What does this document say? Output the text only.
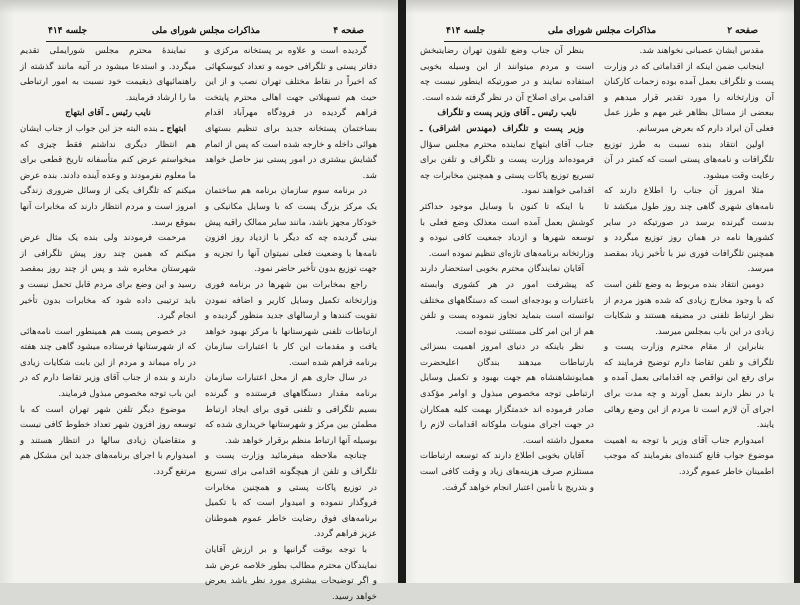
صفحه ۴
مذاکرات مجلس شورای ملی
جلسه ۴۱۴

گردیده است و علاوه بر پستخانه مرکزی و دفاتر پستی و تلگرافی حومه و تعداد کیوسکهائی که اخیراً در نقاط مختلف تهران نصب و از این حیث هم تسهیلاتی جهت اهالی محترم پایتخت فراهم گردیده در فرودگاه مهرآباد اقدام بساختمان پستخانه جدید برای تنظیم بستهای هوائی داخله و خارجه شده است که پس از اتمام گشایش بیشتری در امور پستی نیز حاصل خواهد شد.

در برنامه سوم سازمان برنامه هم ساختمان یک مرکز بزرگ پست که با وسایل مکانیکی و خودکار مجهز باشد، مانند سایر ممالک راقیه پیش بینی گردیده چه که دیگر با ازدیاد روز افزون نامه‌ها با وضعیت فعلی نمیتوان آنها را تجزیه و جهت توزیع بدون تأخیر حاضر نمود.

راجع بمخابرات بین شهرها در برنامه فوری وزارتخانه تکمیل وسایل کاریر و اضافه نمودن تقویت کنندها و ارسالهای جدید منظور گردیده و ارتباطات تلفنی شهرستانها با مرکز بهبود خواهد یافت و مقدمات این کار با اعتبارات سازمان برنامه فراهم شده است.

در سال جاری هم از محل اعتبارات سازمان برنامه مقدار دستگاههای فرستنده و گیرنده بسیم تلگرافی و تلفنی قوی برای ایجاد ارتباط مطمئن بین مرکز و شهرستانها خریداری شده که بوسیله آنها ارتباط منظم برقرار خواهد شد.

چنانچه ملاحظه میفرمائید وزارت پست و تلگراف و تلفن از هیچگونه اقدامی برای تسریع در توزیع پاکات پستی و همچنین مخابرات فروگذار ننموده و امیدوار است که با تکمیل برنامه‌های فوق رضایت خاطر عموم هموطنان عزیز فراهم گردد.

با توجه بوقت گرانبها و بر ارزش آقایان نمایندگان محترم مطالب بطور خلاصه عرض شد و اگر توضیحات بیشتری مورد نظر باشد بعرض خواهد رسید.

نمایندهٔ محترم مجلس شورایملی تقدیم میگردد. و استدعا میشود در آتیه مانند گذشته از راهنمائیهای ذیقیمت خود نسبت به امور ارتباطی ما را ارشاد فرمایند.

نایب رئیس ـ آقای ابتهاج

ابتهاج ـ بنده البته جز این جواب از جناب ایشان هم انتظار دیگری نداشتم فقط چیزی که میخواستم عرض کنم متأسفانه تاریخ قطعی برای ما معلوم نفرمودند و وعده آینده دادند. بنده عرض میکنم که تلگراف یکی از وسائل ضروری زندگی امروز است و مردم انتظار دارند که مخابرات آنها بموقع برسد.

مرحمت فرمودند ولی بنده یک مثال عرض میکنم که همین چند روز پیش تلگرافی از شهرستان مخابره شد و پس از چند روز بمقصد رسید و این وضع برای مردم قابل تحمل نیست و باید ترتیبی داده شود که مخابرات بدون تأخیر انجام گیرد.

در خصوص پست هم همینطور است نامه‌هائی که از شهرستانها فرستاده میشود گاهی چند هفته در راه میماند و مردم از این بابت شکایات زیادی دارند و بنده از جناب آقای وزیر تقاضا دارم که در این باب توجه مخصوص مبذول فرمایند.

موضوع دیگر تلفن شهر تهران است که با توسعه روز افزون شهر تعداد خطوط کافی نیست و متقاضیان زیادی سالها در انتظار هستند و امیدوارم با اجرای برنامه‌های جدید این مشکل هم مرتفع گردد.

صفحه ۲
مذاکرات مجلس شورای ملی
جلسه ۴۱۴

مقدس ایشان عصبانی نخواهند شد.

اینجانب ضمن اینکه از اقداماتی که در وزارت پست و تلگراف بعمل آمده بوده زحمات کارکنان آن وزارتخانه را مورد تقدیر قرار میدهم و ببعضی از مسائل بظاهر غیر مهم و طرز عمل فعلی آن ایراد دارم که بعرض میرسانم.

اولین انتقاد بنده نسبت به طرز توزیع تلگرافات و نامه‌های پستی است که کمتر در آن رعایت وقت میشود.

مثلا امروز آن جناب را اطلاع دارند که نامه‌های شهری گاهی چند روز طول میکشد تا بدست گیرنده برسد در صورتیکه در سایر کشورها نامه در همان روز توزیع میگردد و همچنین تلگرافات فوری نیز با تأخیر زیاد بمقصد میرسد.

دومین انتقاد بنده مربوط به وضع تلفن است که با وجود مخارج زیادی که شده هنوز مردم از نظر ارتباط تلفنی در مضیقه هستند و شکایات زیادی در این باب بمجلس میرسد.

بنابراین از مقام محترم وزارت پست و تلگراف و تلفن تقاضا دارم توضیح فرمایند که برای رفع این نواقص چه اقداماتی بعمل آمده و یا در نظر دارند بعمل آورند و چه مدت برای اجرای آن لازم است تا مردم از این وضع رهائی یابند.

امیدوارم جناب آقای وزیر با توجه به اهمیت موضوع جواب قانع کننده‌ای بفرمایند که موجب اطمینان خاطر عموم گردد.

بنظر آن جناب وضع تلفون تهران رضایتبخش است و مردم میتوانند از این وسیله بخوبی استفاده نمایند و در صورتیکه اینطور نیست چه اقدامی برای اصلاح آن در نظر گرفته شده است.

نایب رئیس ـ آقای وزیر پست و تلگراف

وزیر پست و تلگراف (مهندس اشراقی) ـ جناب آقای ابتهاج نماینده محترم مجلس سؤال فرموده‌اند وزارت پست و تلگراف و تلفن برای تسریع توزیع پاکات پستی و همچنین مخابرات چه اقدامی خواهند نمود.

با اینکه تا کنون با وسایل موجود حداکثر کوشش بعمل آمده است معذلک وضع فعلی با توسعه شهرها و ازدیاد جمعیت کافی نبوده و وزارتخانه برنامه‌های تازه‌ای تنظیم نموده است.

آقایان نمایندگان محترم بخوبی استحضار دارند که پیشرفت امور در هر کشوری وابسته باعتبارات و بودجه‌ای است که دستگاههای مختلف توانسته است بنماید تجاوز ننموده پست و تلفن هم از این امر کلی مستثنی نبوده است.

نظر باینکه در دنیای امروز اهمیت بسزائی بارتباطات میدهند بندگان اعلیحضرت همایونشاهنشاه هم جهت بهبود و تکمیل وسایل ارتباطی توجه مخصوص مبذول و اوامر مؤکدی صادر فرموده اند خدمتگزار بهمت کلیه همکاران در جهت اجرای منویات ملوکانه اقدامات لازم را معمول داشته است.

آقایان بخوبی اطلاع دارند که توسعه ارتباطات مستلزم صرف هزینه‌های زیاد و وقت کافی است و بتدریج با تأمین اعتبار انجام خواهد گرفت.
